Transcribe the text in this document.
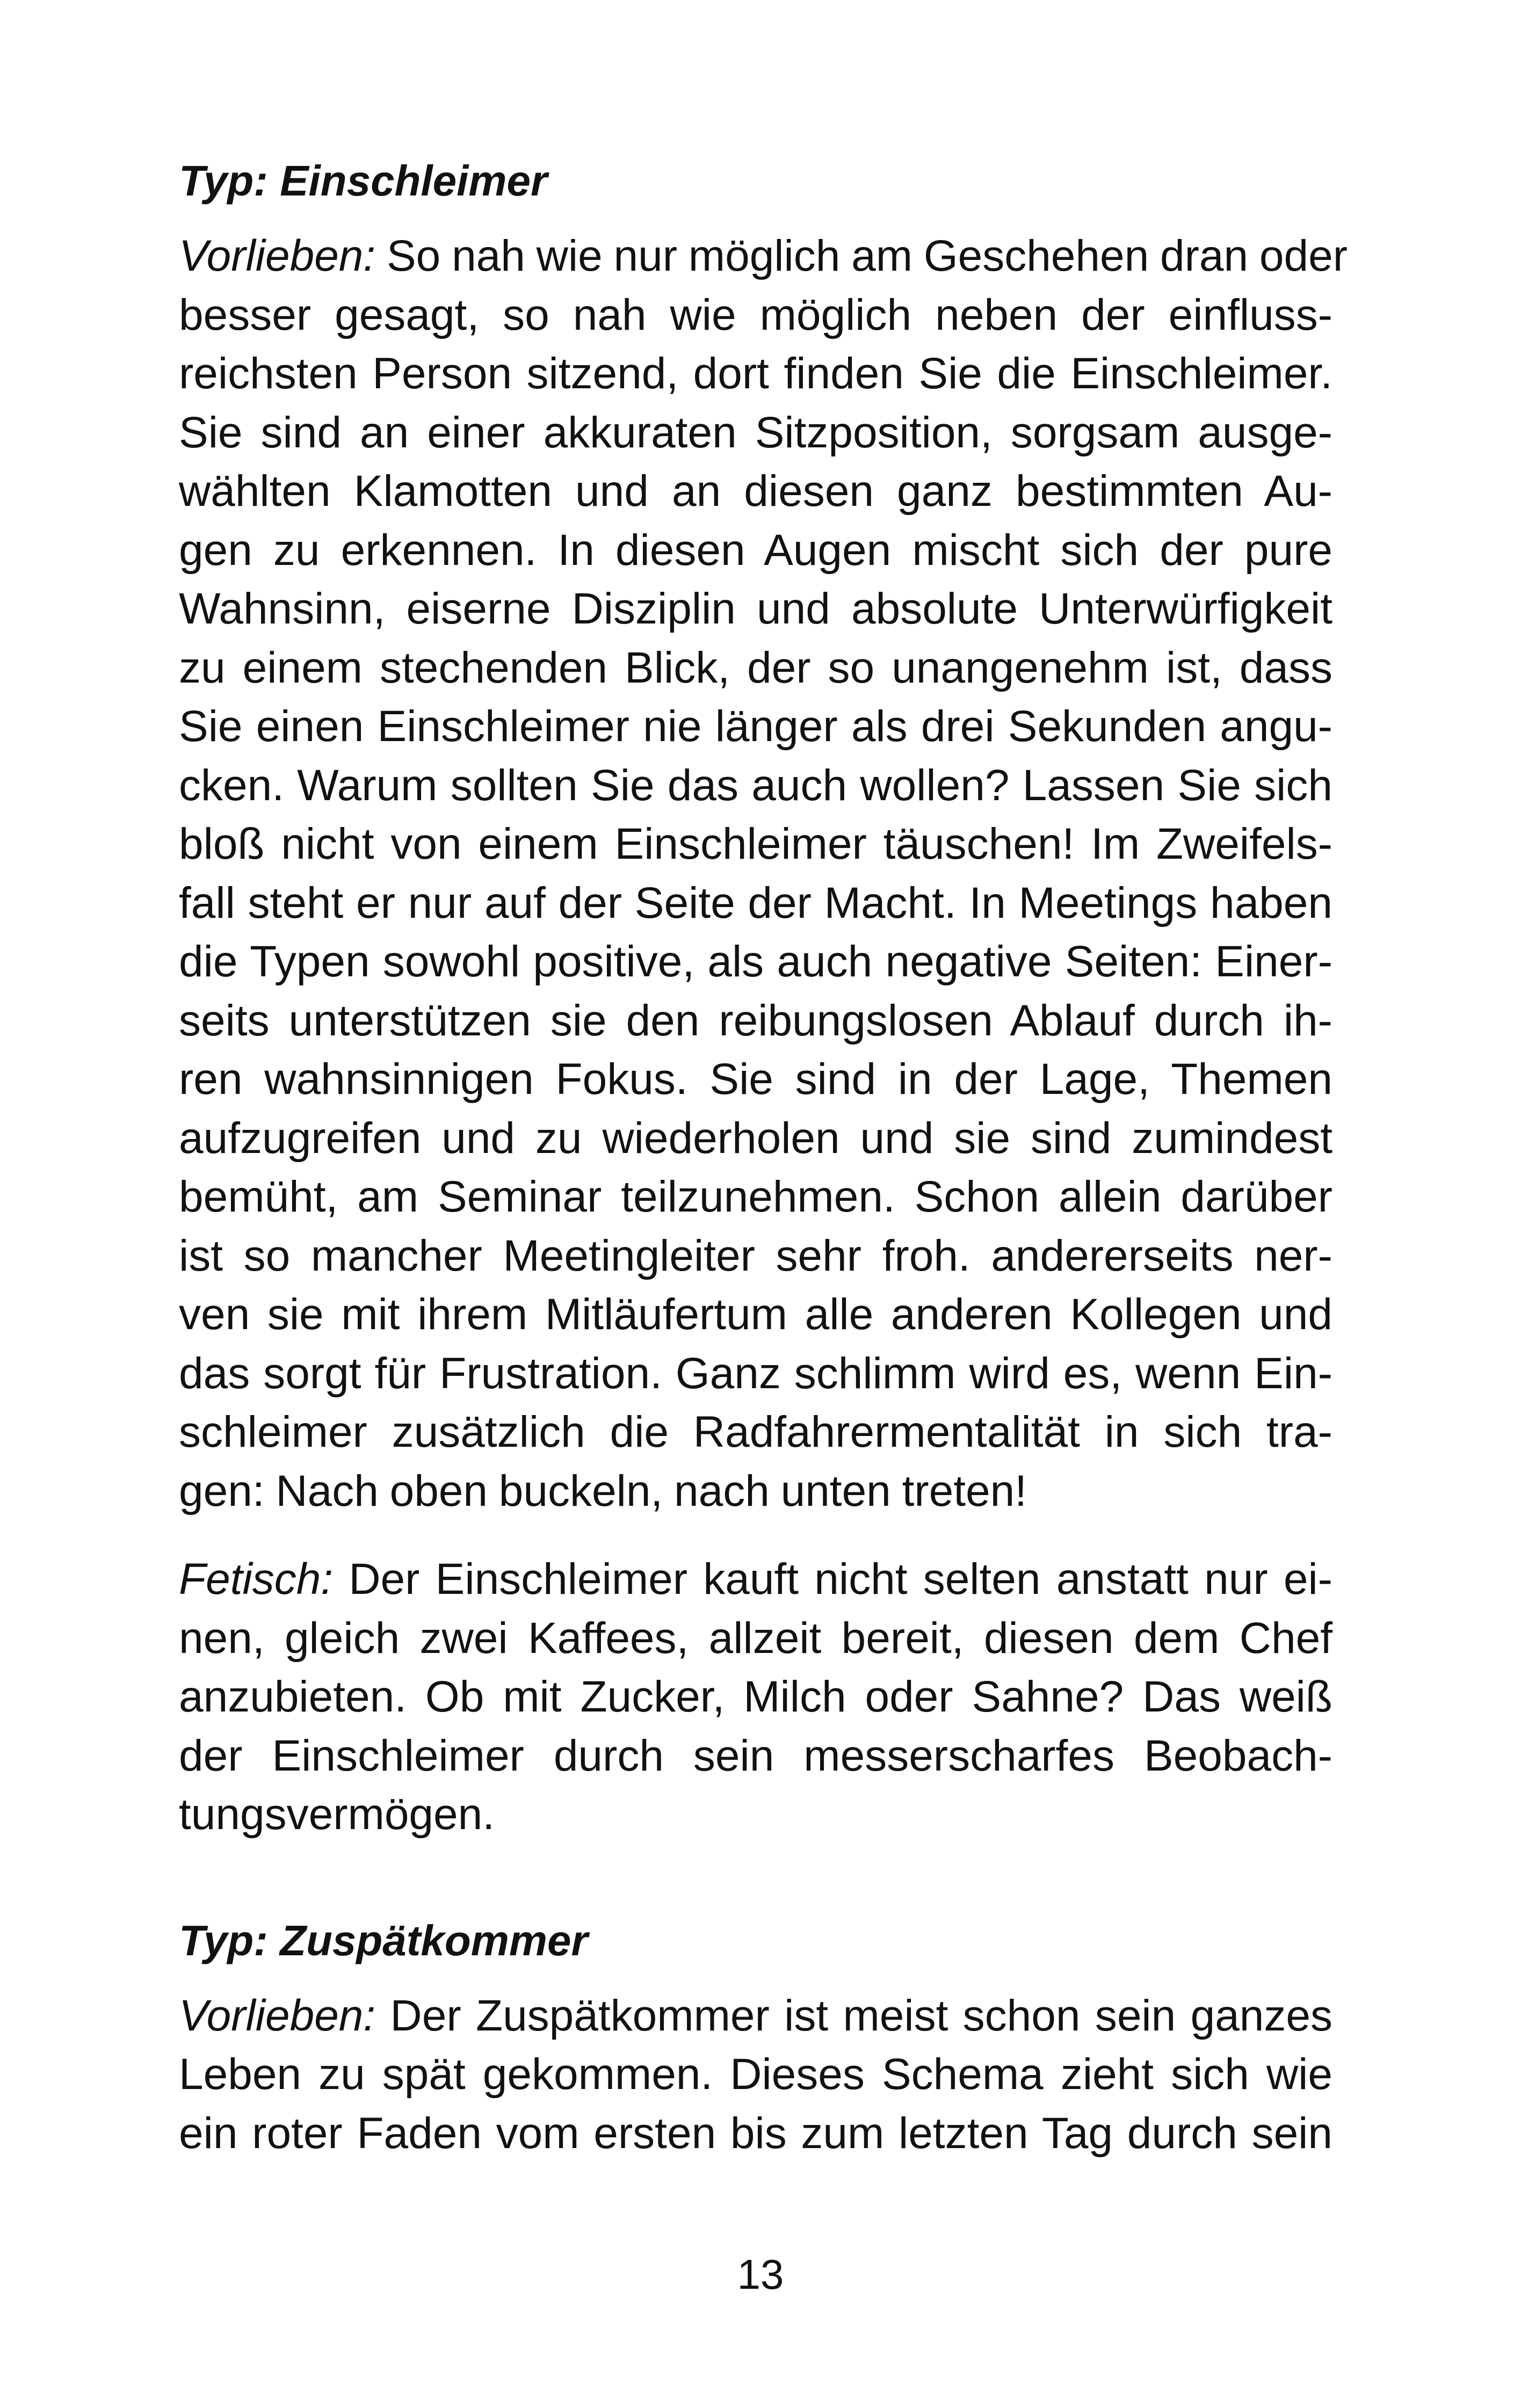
Typ: Einschleimer

Vorlieben: So nah wie nur möglich am Geschehen dran oder
besser gesagt, so nah wie möglich neben der einfluss-
reichsten Person sitzend, dort finden Sie die Einschleimer.
Sie sind an einer akkuraten Sitzposition, sorgsam ausge-
wählten Klamotten und an diesen ganz bestimmten Au-
gen zu erkennen. In diesen Augen mischt sich der pure
Wahnsinn, eiserne Disziplin und absolute Unterwürfigkeit
zu einem stechenden Blick, der so unangenehm ist, dass
Sie einen Einschleimer nie länger als drei Sekunden angu-
cken. Warum sollten Sie das auch wollen? Lassen Sie sich
bloß nicht von einem Einschleimer täuschen! Im Zweifels-
fall steht er nur auf der Seite der Macht. In Meetings haben
die Typen sowohl positive, als auch negative Seiten: Einer-
seits unterstützen sie den reibungslosen Ablauf durch ih-
ren wahnsinnigen Fokus. Sie sind in der Lage, Themen
aufzugreifen und zu wiederholen und sie sind zumindest
bemüht, am Seminar teilzunehmen. Schon allein darüber
ist so mancher Meetingleiter sehr froh. andererseits ner-
ven sie mit ihrem Mitläufertum alle anderen Kollegen und
das sorgt für Frustration. Ganz schlimm wird es, wenn Ein-
schleimer zusätzlich die Radfahrermentalität in sich tra-
gen: Nach oben buckeln, nach unten treten!

Fetisch: Der Einschleimer kauft nicht selten anstatt nur ei-
nen, gleich zwei Kaffees, allzeit bereit, diesen dem Chef
anzubieten. Ob mit Zucker, Milch oder Sahne? Das weiß
der Einschleimer durch sein messerscharfes Beobach-
tungsvermögen.

Typ: Zuspätkommer

Vorlieben: Der Zuspätkommer ist meist schon sein ganzes
Leben zu spät gekommen. Dieses Schema zieht sich wie
ein roter Faden vom ersten bis zum letzten Tag durch sein

13
